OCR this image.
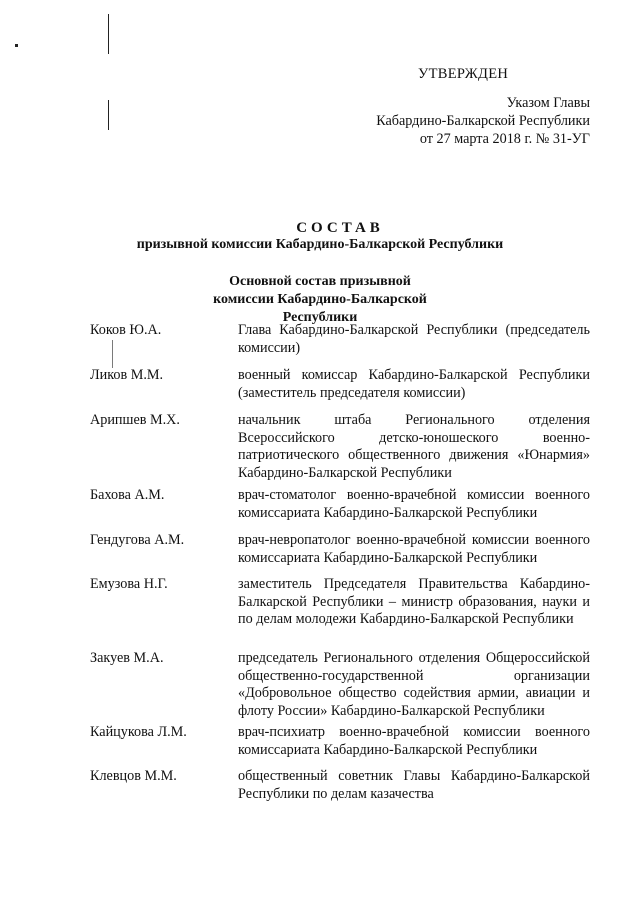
УТВЕРЖДЕН
Указом Главы
Кабардино-Балкарской Республики
от 27 марта 2018 г. № 31-УГ
СОСТАВ
призывной комиссии Кабардино-Балкарской Республики
Основной состав призывной комиссии Кабардино-Балкарской Республики
Коков Ю.А.	Глава Кабардино-Балкарской Республики (председатель комиссии)
Ликов М.М.	военный комиссар Кабардино-Балкарской Республики (заместитель председателя комиссии)
Арипшев М.Х.	начальник штаба Регионального отделения Всероссийского детско-юношеского военно-патриотического общественного движения «Юнармия» Кабардино-Балкарской Республики
Бахова А.М.	врач-стоматолог военно-врачебной комиссии военного комиссариата Кабардино-Балкарской Республики
Гендугова А.М.	врач-невропатолог военно-врачебной комиссии военного комиссариата Кабардино-Балкарской Республики
Емузова Н.Г.	заместитель Председателя Правительства Кабардино-Балкарской Республики – министр образования, науки и по делам молодежи Кабардино-Балкарской Республики
Закуев М.А.	председатель Регионального отделения Общероссийской общественно-государственной организации «Добровольное общество содействия армии, авиации и флоту России» Кабардино-Балкарской Республики
Кайцукова Л.М.	врач-психиатр военно-врачебной комиссии военного комиссариата Кабардино-Балкарской Республики
Клевцов М.М.	общественный советник Главы Кабардино-Балкарской Республики по делам казачества
